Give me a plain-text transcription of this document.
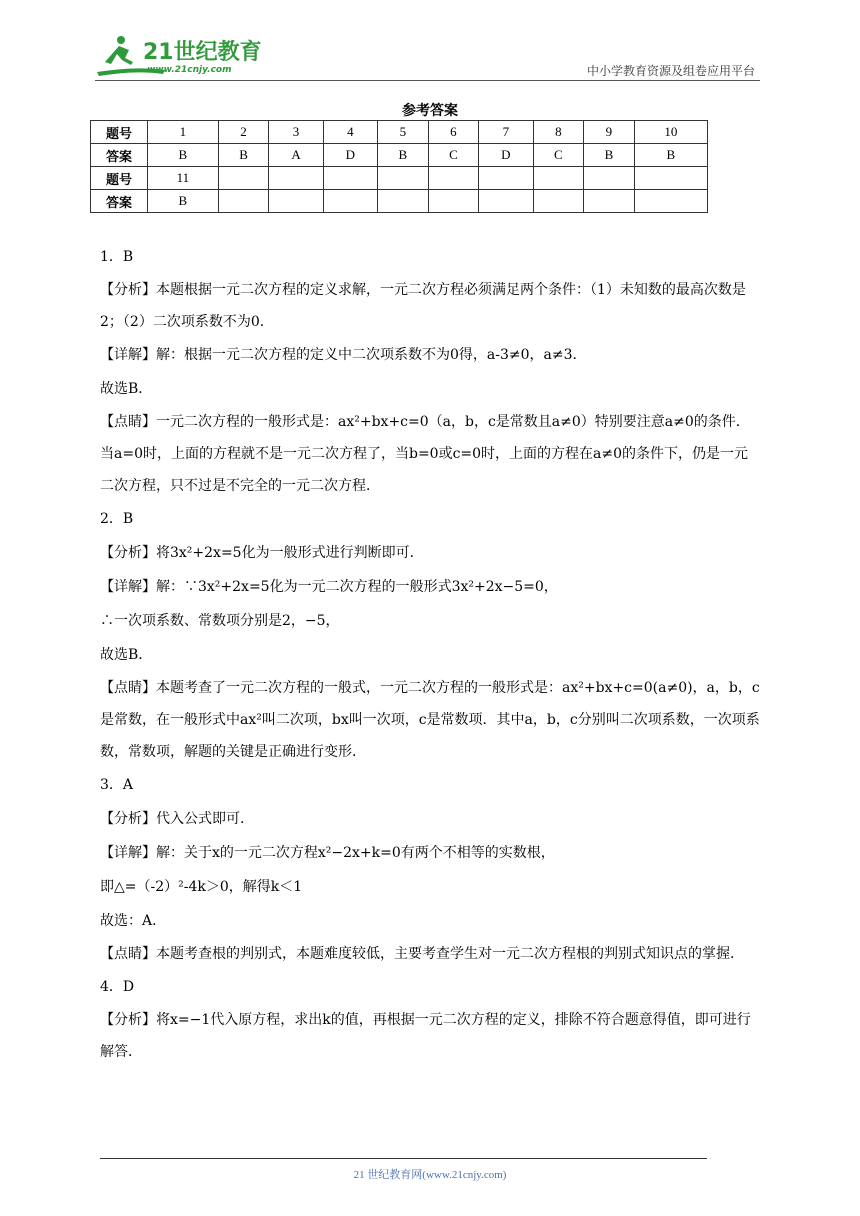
21世纪教育
www.21cnjy.com	中小学教育资源及组卷应用平台
参考答案
题号	1	2	3	4	5	6	7	8	9	10
答案	B	B	A	D	B	C	D	C	B	B
题号	11									
答案	B									

1．B

【分析】本题根据一元二次方程的定义求解，一元二次方程必须满足两个条件：（1）未知数的最高次数是2；（2）二次项系数不为0．

【详解】解：根据一元二次方程的定义中二次项系数不为0得，a-3≠0，a≠3．

故选B．

【点睛】一元二次方程的一般形式是：ax²+bx+c=0（a，b，c是常数且a≠0）特别要注意a≠0的条件．当a=0时，上面的方程就不是一元二次方程了，当b=0或c=0时，上面的方程在a≠0的条件下，仍是一元二次方程，只不过是不完全的一元二次方程．

2．B

【分析】将3x²+2x=5化为一般形式进行判断即可．

【详解】解：∵3x²+2x=5化为一元二次方程的一般形式3x²+2x−5=0，

∴一次项系数、常数项分别是2，−5，

故选B．

【点睛】本题考查了一元二次方程的一般式，一元二次方程的一般形式是：ax²+bx+c=0(a≠0)，a，b，c是常数，在一般形式中ax²叫二次项，bx叫一次项，c是常数项．其中a，b，c分别叫二次项系数，一次项系数，常数项，解题的关键是正确进行变形．

3．A

【分析】代入公式即可．

【详解】解：关于x的一元二次方程x²−2x+k=0有两个不相等的实数根，

即△=（-2）²-4k＞0，解得k＜1

故选：A．

【点睛】本题考查根的判别式，本题难度较低，主要考查学生对一元二次方程根的判别式知识点的掌握．

4．D

【分析】将x=−1代入原方程，求出k的值，再根据一元二次方程的定义，排除不符合题意得值，即可进行解答．

21 世纪教育网(www.21cnjy.com)
